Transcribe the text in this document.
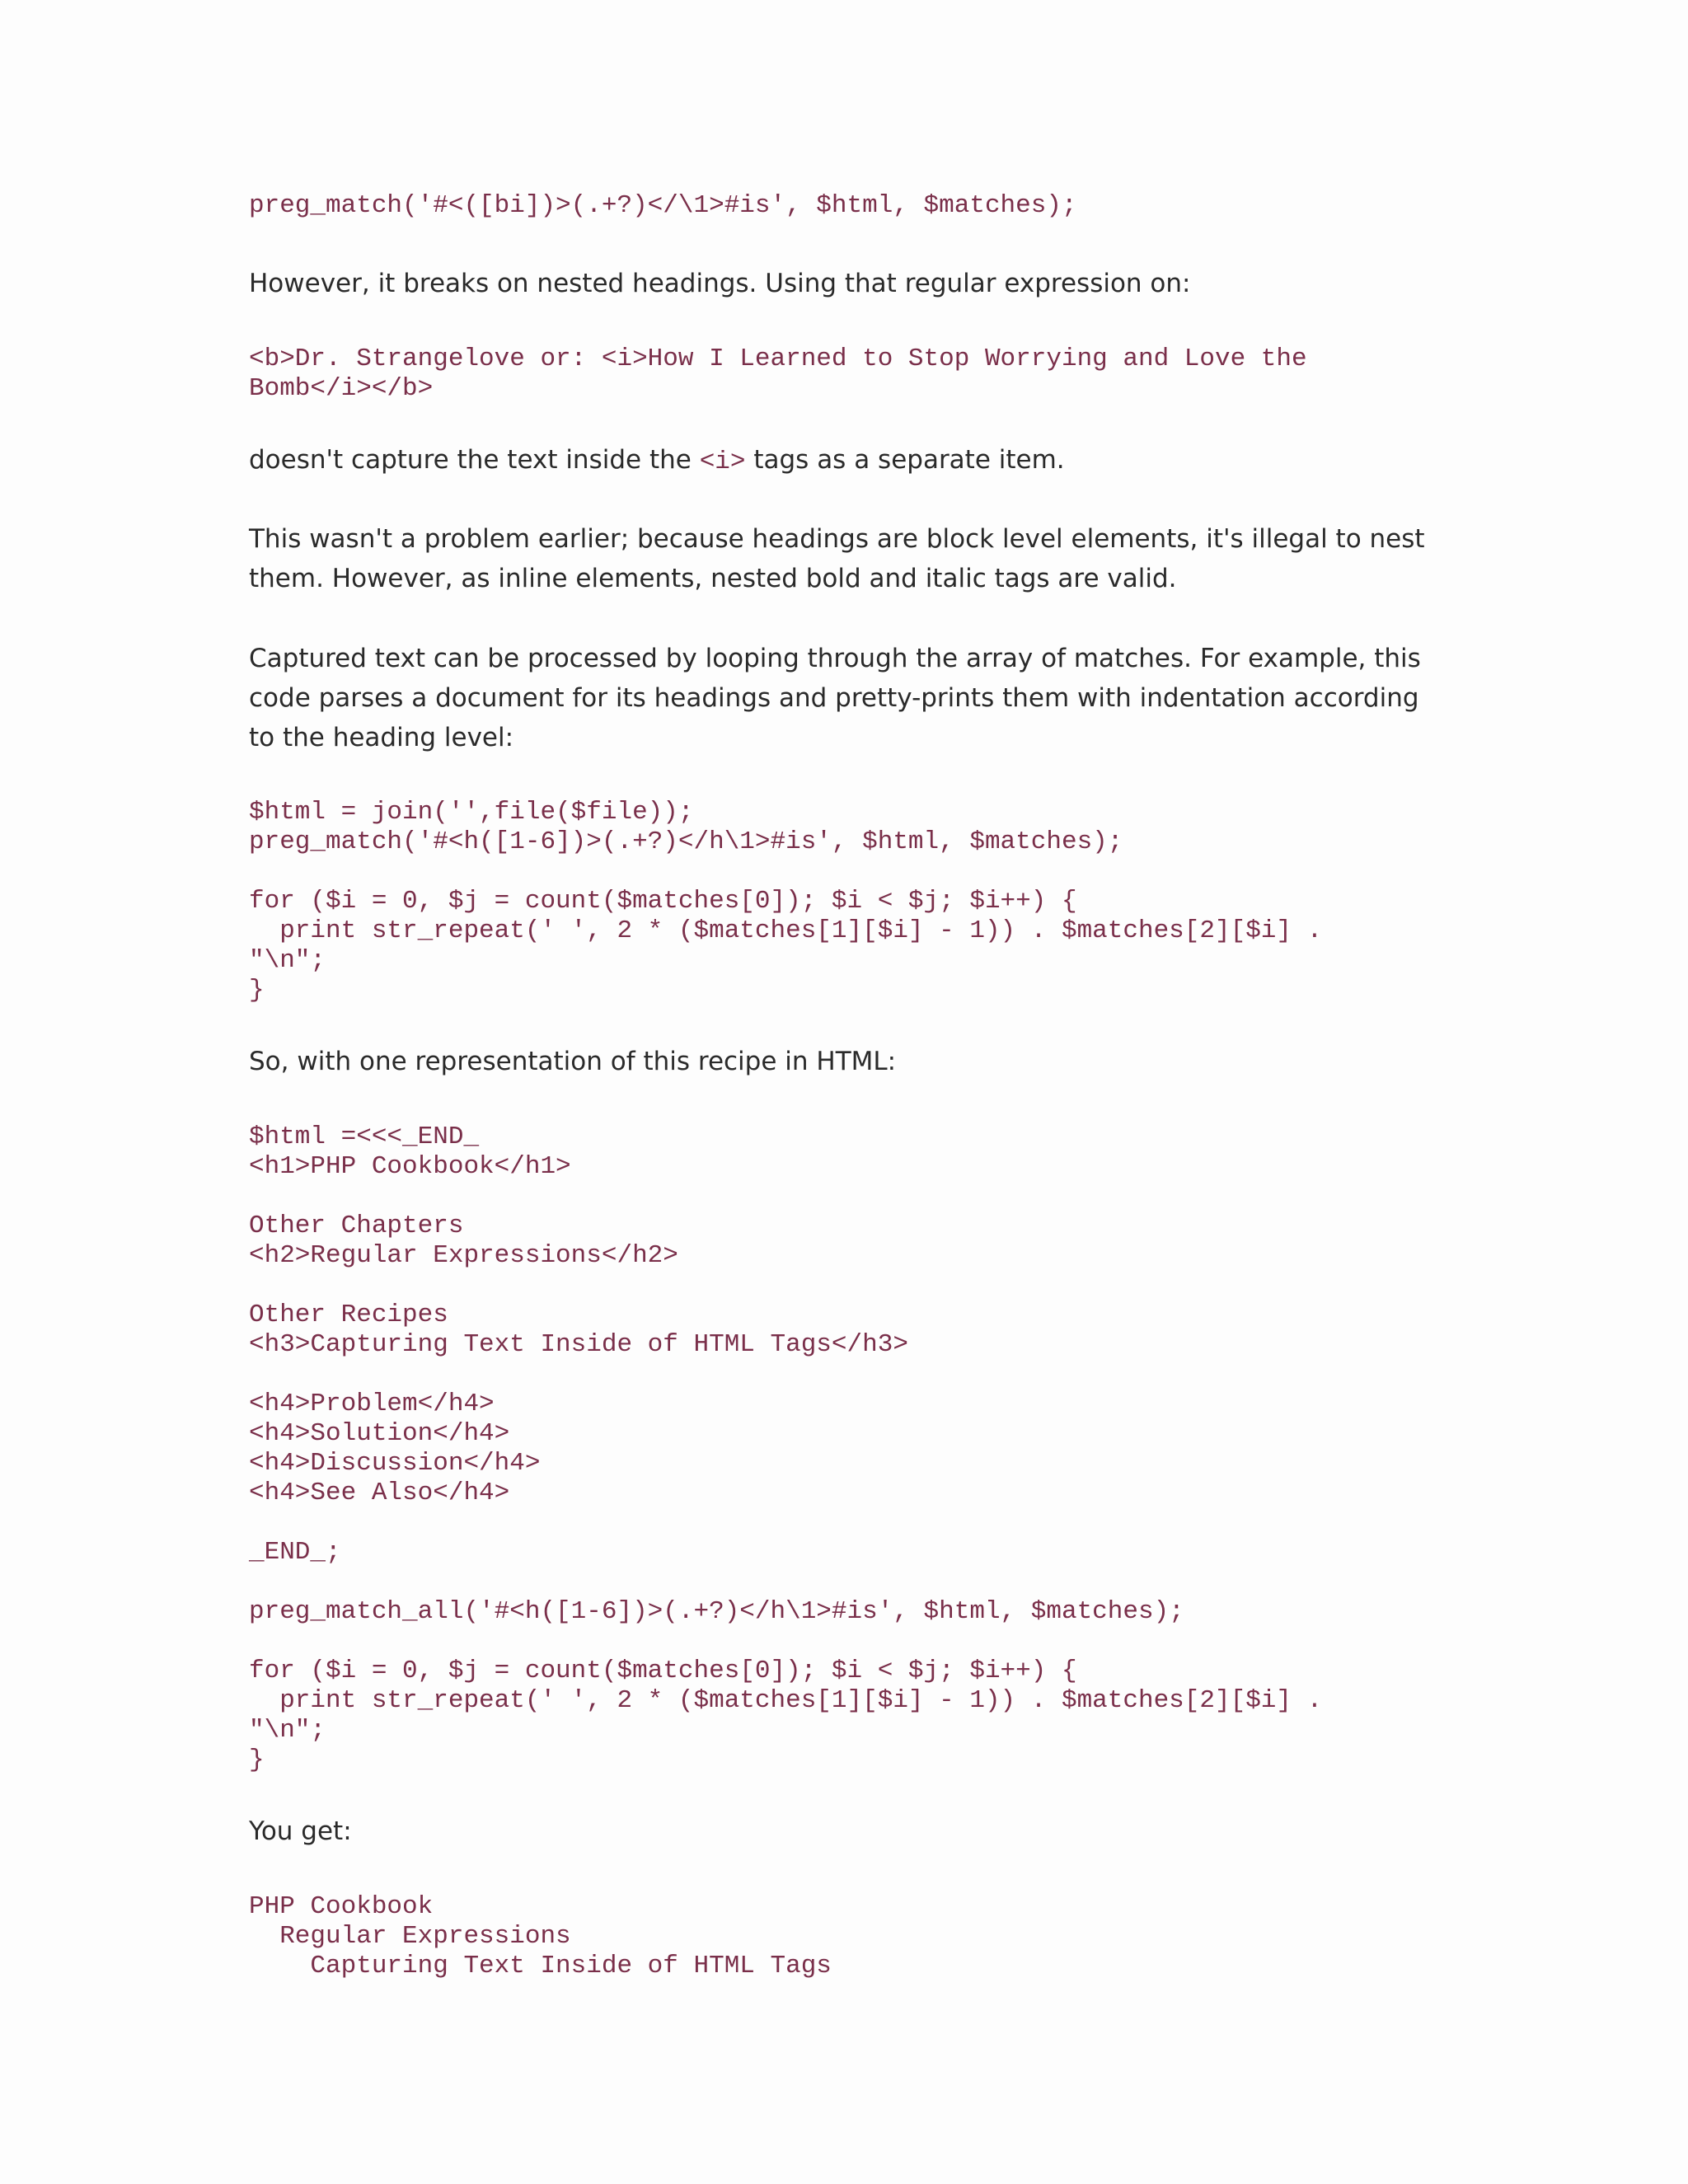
preg_match('#<([bi])>(.+?)</\1>#is', $html, $matches);

However, it breaks on nested headings. Using that regular expression on:

<b>Dr. Strangelove or: <i>How I Learned to Stop Worrying and Love the
Bomb</i></b>

doesn't capture the text inside the <i> tags as a separate item.

This wasn't a problem earlier; because headings are block level elements, it's illegal to nest them. However, as inline elements, nested bold and italic tags are valid.

Captured text can be processed by looping through the array of matches. For example, this code parses a document for its headings and pretty-prints them with indentation according to the heading level:

$html = join('',file($file));
preg_match('#<h([1-6])>(.+?)</h\1>#is', $html, $matches);

for ($i = 0, $j = count($matches[0]); $i < $j; $i++) {
print str_repeat(' ', 2 * ($matches[1][$i] - 1)) . $matches[2][$i] .
"\n";
}

So, with one representation of this recipe in HTML:

$html =<<<_END_
<h1>PHP Cookbook</h1>

Other Chapters
<h2>Regular Expressions</h2>

Other Recipes
<h3>Capturing Text Inside of HTML Tags</h3>

<h4>Problem</h4>
<h4>Solution</h4>
<h4>Discussion</h4>
<h4>See Also</h4>

_END_;

preg_match_all('#<h([1-6])>(.+?)</h\1>#is', $html, $matches);

for ($i = 0, $j = count($matches[0]); $i < $j; $i++) {
print str_repeat(' ', 2 * ($matches[1][$i] - 1)) . $matches[2][$i] .
"\n";
}

You get:

PHP Cookbook
Regular Expressions
Capturing Text Inside of HTML Tags
